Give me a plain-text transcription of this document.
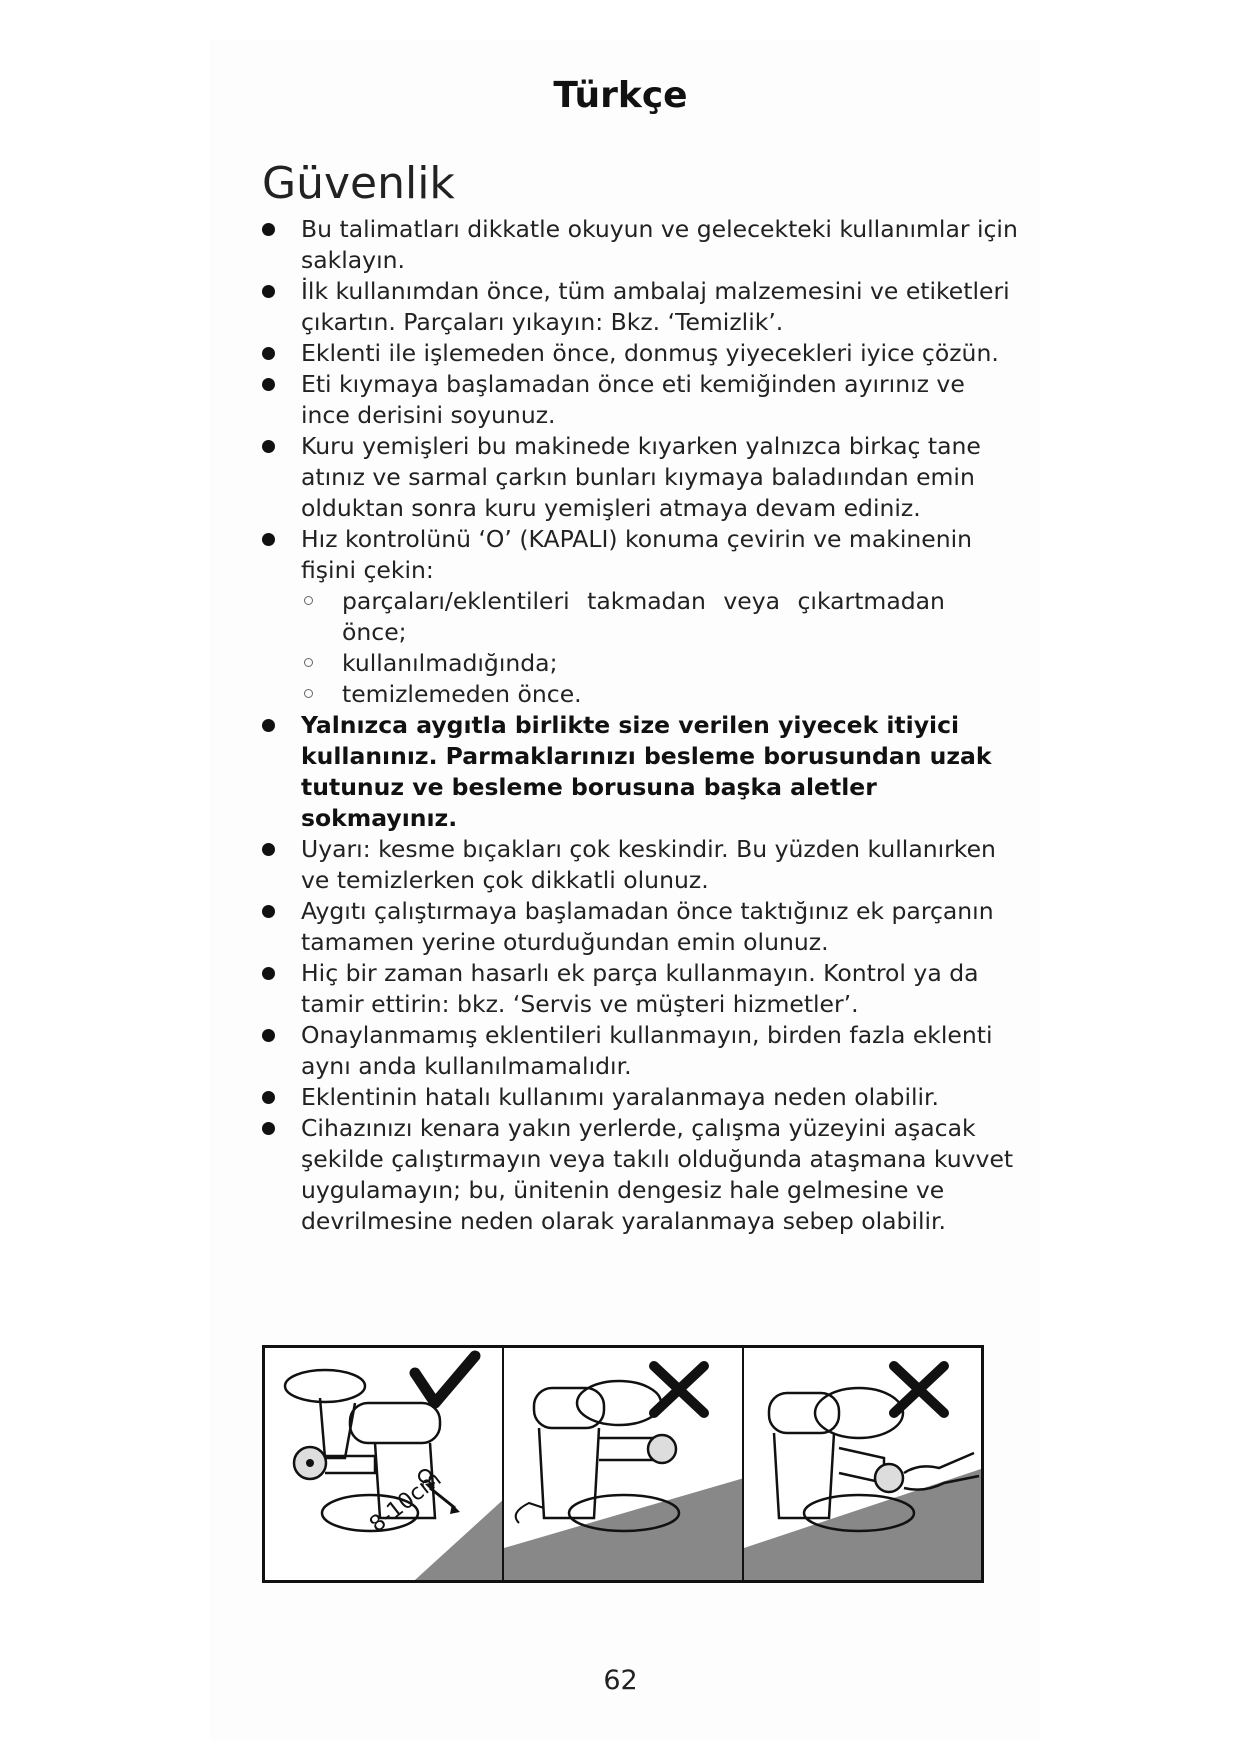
Türkçe
Güvenlik
Bu talimatları dikkatle okuyun ve gelecekteki kullanımlar için saklayın.
İlk kullanımdan önce, tüm ambalaj malzemesini ve etiketleri çıkartın. Parçaları yıkayın: Bkz. ‘Temizlik’.
Eklenti ile işlemeden önce, donmuş yiyecekleri iyice çözün.
Eti kıymaya başlamadan önce eti kemiğinden ayırınız ve ince derisini soyunuz.
Kuru yemişleri bu makinede kıyarken yalnızca birkaç tane atınız ve sarmal çarkın bunları kıymaya baladıından emin olduktan sonra kuru yemişleri atmaya devam ediniz.
Hız kontrolünü ‘O’ (KAPALI) konuma çevirin ve makinenin fişini çekin:
parçaları/eklentileri takmadan veya çıkartmadan önce;
kullanılmadığında;
temizlemeden önce.
Yalnızca aygıtla birlikte size verilen yiyecek itiyici kullanınız. Parmaklarınızı besleme borusundan uzak tutunuz ve besleme borusuna başka aletler sokmayınız.
Uyarı: kesme bıçakları çok keskindir. Bu yüzden kullanırken ve temizlerken çok dikkatli olunuz.
Aygıtı çalıştırmaya başlamadan önce taktığınız ek parçanın tamamen yerine oturduğundan emin olunuz.
Hiç bir zaman hasarlı ek parça kullanmayın. Kontrol ya da tamir ettirin: bkz. ‘Servis ve müşteri hizmetler’.
Onaylanmamış eklentileri kullanmayın, birden fazla eklenti aynı anda kullanılmamalıdır.
Eklentinin hatalı kullanımı yaralanmaya neden olabilir.
Cihazınızı kenara yakın yerlerde, çalışma yüzeyini aşacak şekilde çalıştırmayın veya takılı olduğunda ataşmana kuvvet uygulamayın; bu, ünitenin dengesiz hale gelmesine ve devrilmesine neden olarak yaralanmaya sebep olabilir.
8-10cm
62
